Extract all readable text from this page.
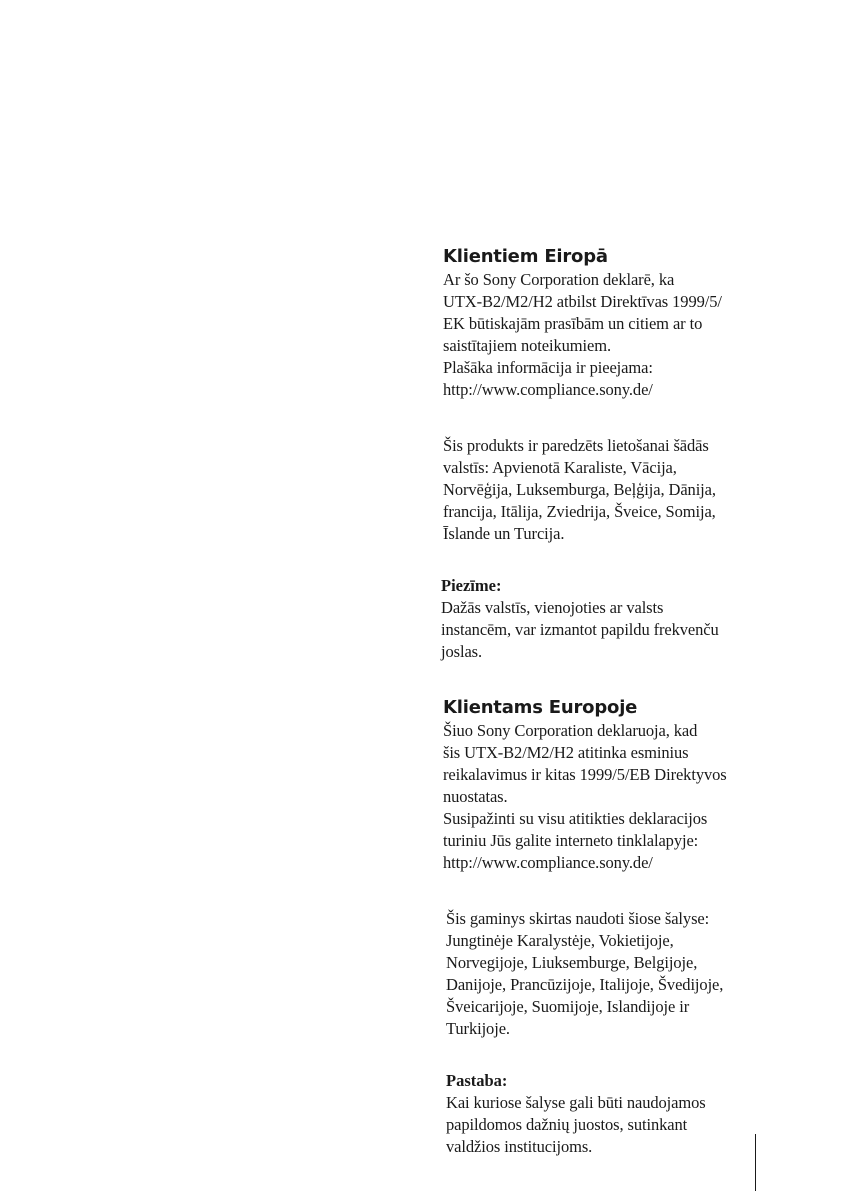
Klientiem Eiropā

Ar šo Sony Corporation deklarē, ka
UTX-B2/M2/H2 atbilst Direktīvas 1999/5/
EK būtiskajām prasībām un citiem ar to
saistītajiem noteikumiem.
Plašāka informācija ir pieejama:
http://www.compliance.sony.de/

Šis produkts ir paredzēts lietošanai šādās
valstīs: Apvienotā Karaliste, Vācija,
Norvēģija, Luksemburga, Beļģija, Dānija,
francija, Itālija, Zviedrija, Šveice, Somija,
Īslande un Turcija.

Piezīme:

Dažās valstīs, vienojoties ar valsts
instancēm, var izmantot papildu frekvenču
joslas.

Klientams Europoje

Šiuo Sony Corporation deklaruoja, kad
šis UTX-B2/M2/H2 atitinka esminius
reikalavimus ir kitas 1999/5/EB Direktyvos
nuostatas.
Susipažinti su visu atitikties deklaracijos
turiniu Jūs galite interneto tinklalapyje:
http://www.compliance.sony.de/

Šis gaminys skirtas naudoti šiose šalyse:
Jungtinėje Karalystėje, Vokietijoje,
Norvegijoje, Liuksemburge, Belgijoje,
Danijoje, Prancūzijoje, Italijoje, Švedijoje,
Šveicarijoje, Suomijoje, Islandijoje ir
Turkijoje.

Pastaba:

Kai kuriose šalyse gali būti naudojamos
papildomos dažnių juostos, sutinkant
valdžios institucijoms.
